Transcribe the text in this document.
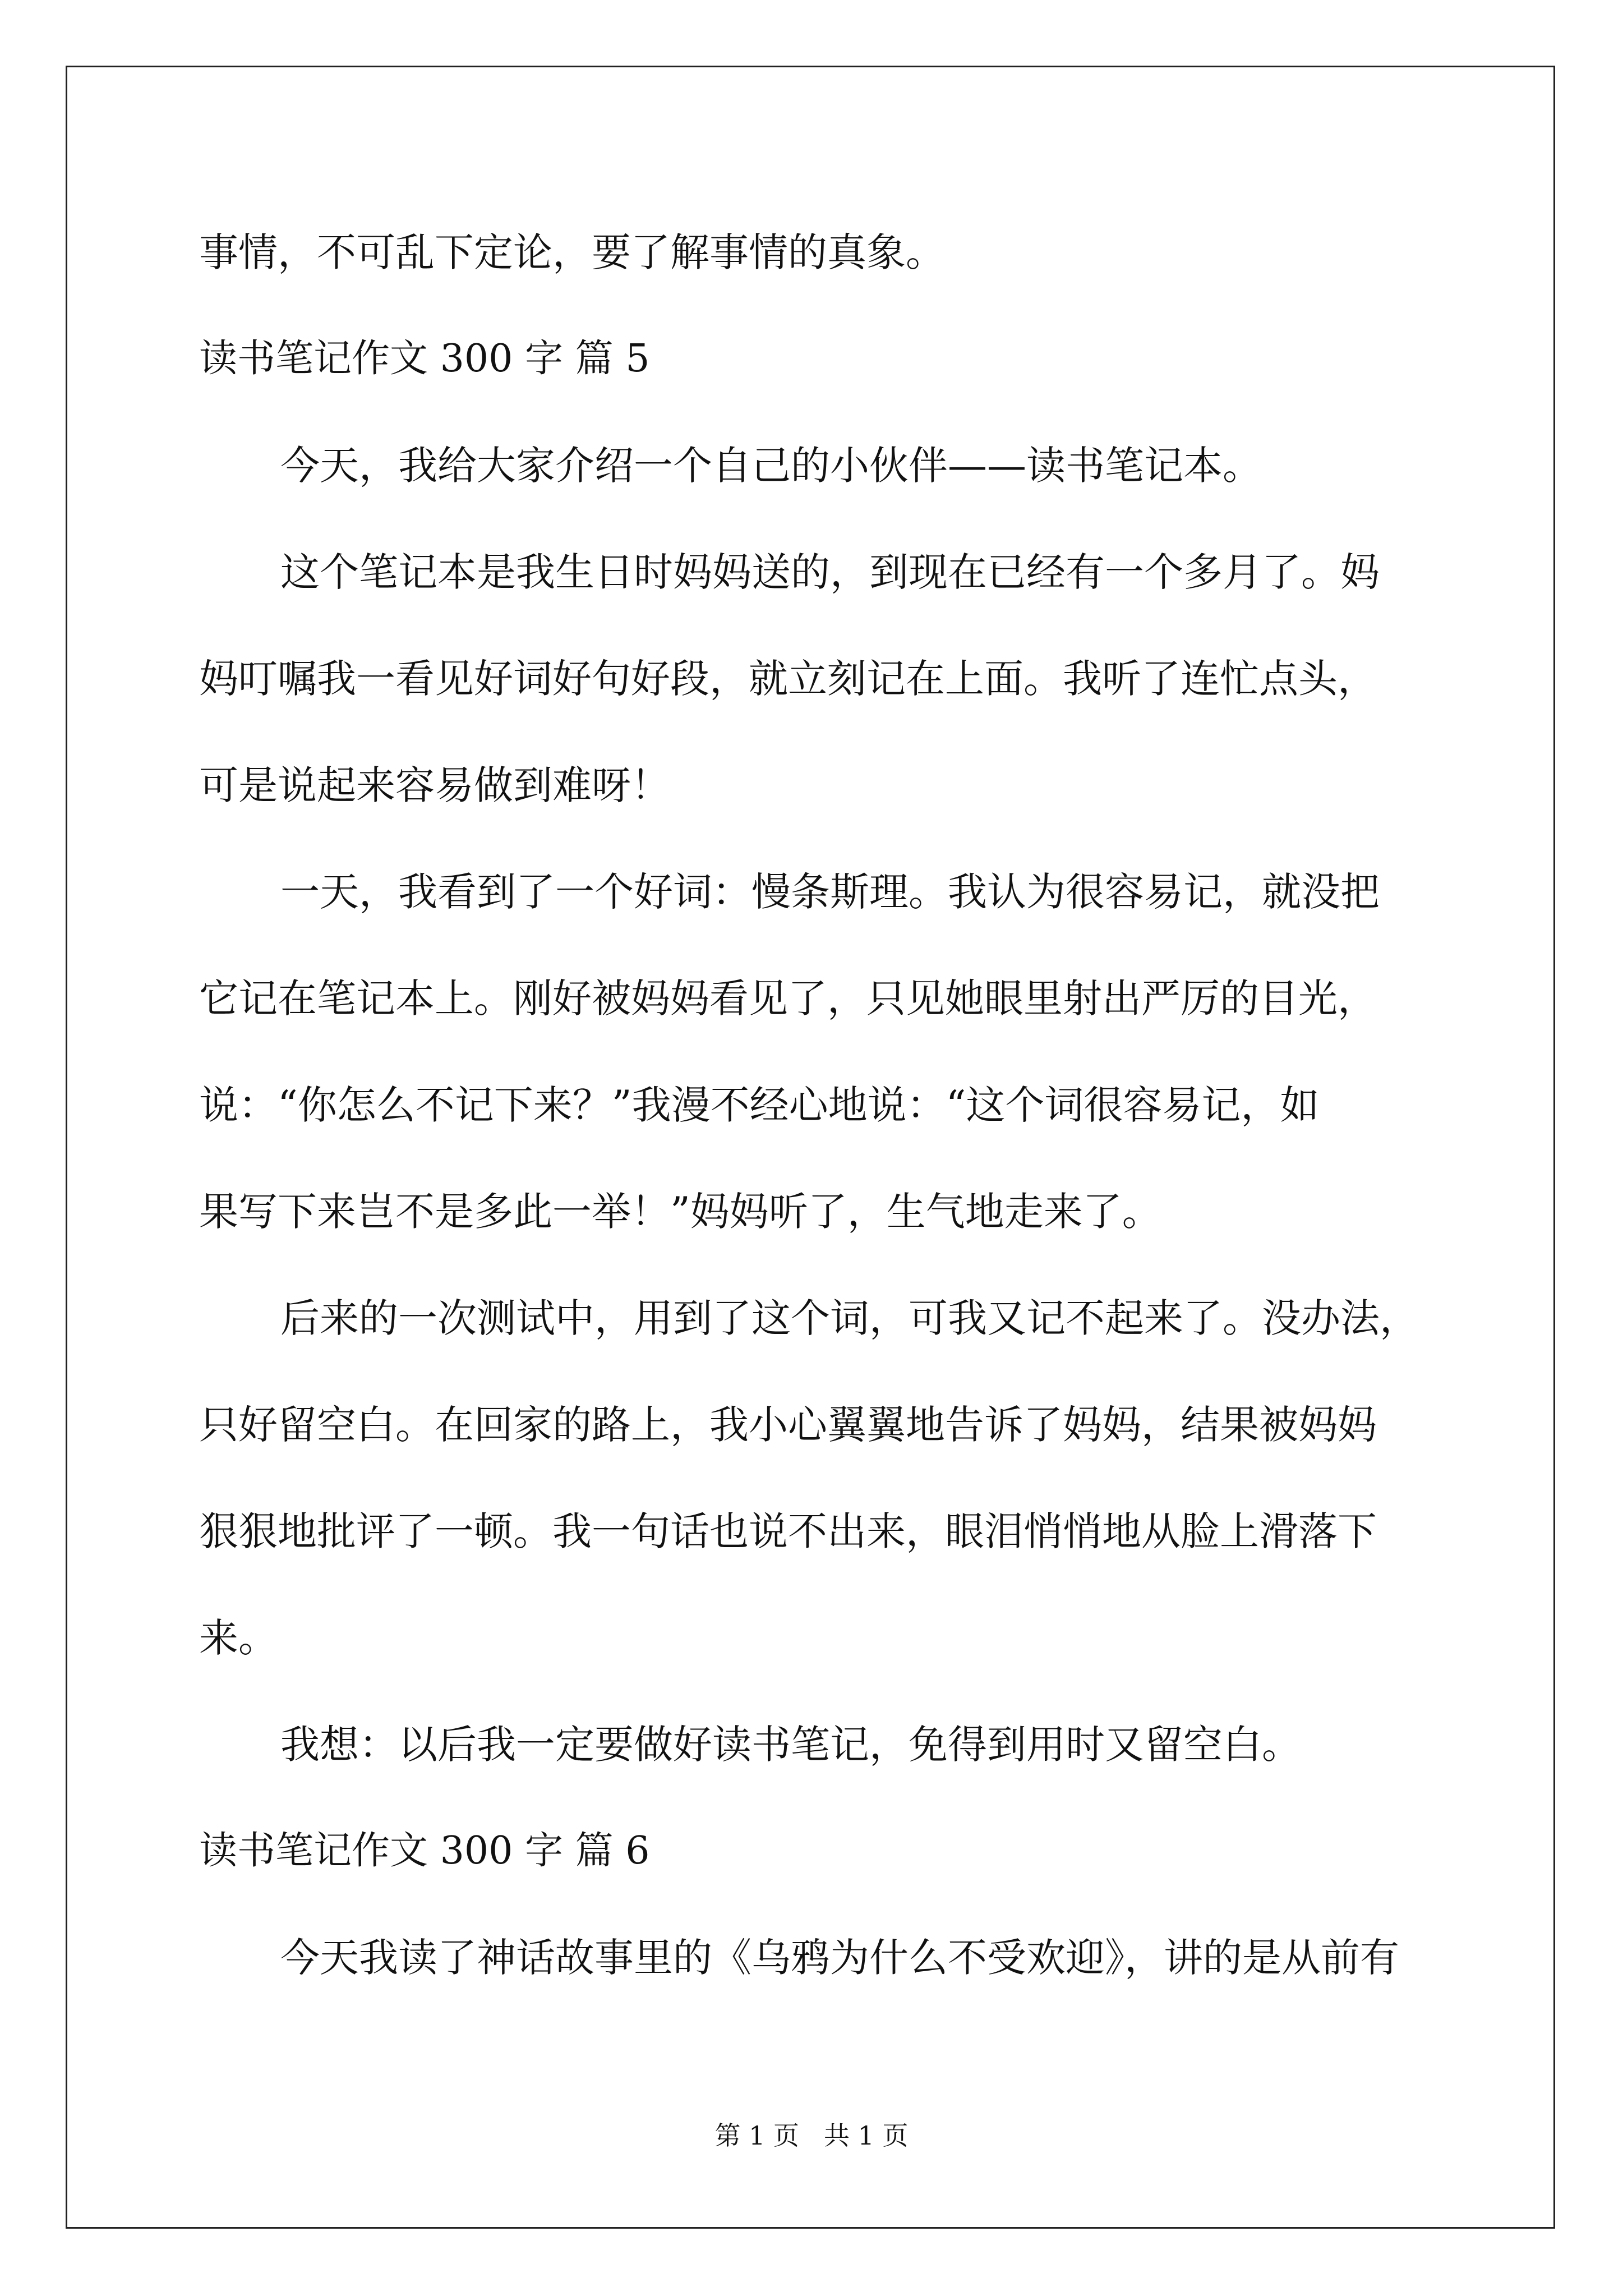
事情，不可乱下定论，要了解事情的真象。
读书笔记作文 300 字 篇 5
今天，我给大家介绍一个自己的小伙伴——读书笔记本。
这个笔记本是我生日时妈妈送的，到现在已经有一个多月了。妈
妈叮嘱我一看见好词好句好段，就立刻记在上面。我听了连忙点头，
可是说起来容易做到难呀！
一天，我看到了一个好词：慢条斯理。我认为很容易记，就没把
它记在笔记本上。刚好被妈妈看见了，只见她眼里射出严厉的目光，
说：“你怎么不记下来？”我漫不经心地说：“这个词很容易记，如
果写下来岂不是多此一举！”妈妈听了，生气地走来了。
后来的一次测试中，用到了这个词，可我又记不起来了。没办法，
只好留空白。在回家的路上，我小心翼翼地告诉了妈妈，结果被妈妈
狠狠地批评了一顿。我一句话也说不出来，眼泪悄悄地从脸上滑落下
来。
我想：以后我一定要做好读书笔记，免得到用时又留空白。
读书笔记作文 300 字 篇 6
今天我读了神话故事里的《乌鸦为什么不受欢迎》，讲的是从前有
第 1 页 共 1 页
